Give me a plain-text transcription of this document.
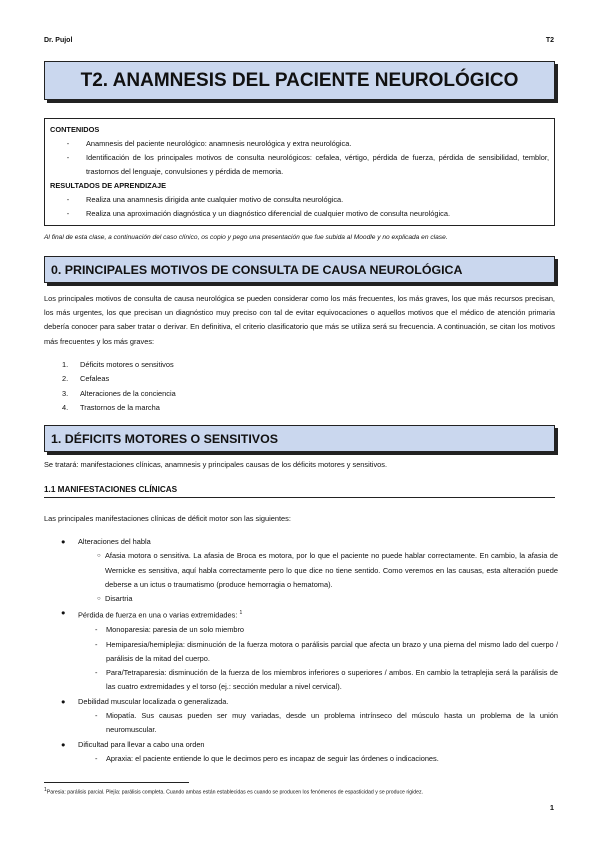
Dr. Pujol	T2
T2. ANAMNESIS DEL PACIENTE NEUROLÓGICO
CONTENIDOS
-	Anamnesis del paciente neurológico: anamnesis neurológica y extra neurológica.
-	Identificación de los principales motivos de consulta neurológicos: cefalea, vértigo, pérdida de fuerza, pérdida de sensibilidad, temblor, trastornos del lenguaje, convulsiones y pérdida de memoria.
RESULTADOS DE APRENDIZAJE
-	Realiza una anamnesis dirigida ante cualquier motivo de consulta neurológica.
-	Realiza una aproximación diagnóstica y un diagnóstico diferencial de cualquier motivo de consulta neurológica.
Al final de esta clase, a continuación del caso clínico, os copio y pego una presentación que fue subida al Moodle y no explicada en clase.
0. PRINCIPALES MOTIVOS DE CONSULTA DE CAUSA NEUROLÓGICA
Los principales motivos de consulta de causa neurológica se pueden considerar como los más frecuentes, los más graves, los que más recursos precisan, los más urgentes, los que precisan un diagnóstico muy preciso con tal de evitar equivocaciones o aquellos motivos que el médico de atención primaria debería conocer para saber tratar o derivar. En definitiva, el criterio clasificatorio que más se utiliza será su frecuencia. A continuación, se citan los motivos más frecuentes y los más graves:
1. Déficits motores o sensitivos
2. Cefaleas
3. Alteraciones de la conciencia
4. Trastornos de la marcha
1. DÉFICITS MOTORES O SENSITIVOS
Se tratará: manifestaciones clínicas, anamnesis y principales causas de los déficits motores y sensitivos.
1.1 MANIFESTACIONES CLÍNICAS
Las principales manifestaciones clínicas de déficit motor son las siguientes:
● Alteraciones del habla
○ Afasia motora o sensitiva. La afasia de Broca es motora, por lo que el paciente no puede hablar correctamente. En cambio, la afasia de Wernicke es sensitiva, aquí habla correctamente pero lo que dice no tiene sentido. Como veremos en las causas, esta alteración puede deberse a un ictus o traumatismo (produce hemorragia o hematoma).
○ Disartria
● Pérdida de fuerza en una o varias extremidades: $^1$
- Monoparesia: paresia de un solo miembro
- Hemiparesia/hemiplejia: disminución de la fuerza motora o parálisis parcial que afecta un brazo y una pierna del mismo lado del cuerpo / parálisis de la mitad del cuerpo.
- Para/Tetraparesia: disminución de la fuerza de los miembros inferiores o superiores / ambos. En cambio la tetraplejia será la parálisis de las cuatro extremidades y el torso (ej.: sección medular a nivel cervical).
● Debilidad muscular localizada o generalizada.
- Miopatía. Sus causas pueden ser muy variadas, desde un problema intrínseco del músculo hasta un problema de la unión neuromuscular.
● Dificultad para llevar a cabo una orden
- Apraxia: el paciente entiende lo que le decimos pero es incapaz de seguir las órdenes o indicaciones.
$^1$Paresia: parálisis parcial. Plejía: parálisis completa. Cuando ambas están establecidas es cuando se producen los fenómenos de espasticidad y se produce rigidez.
1
